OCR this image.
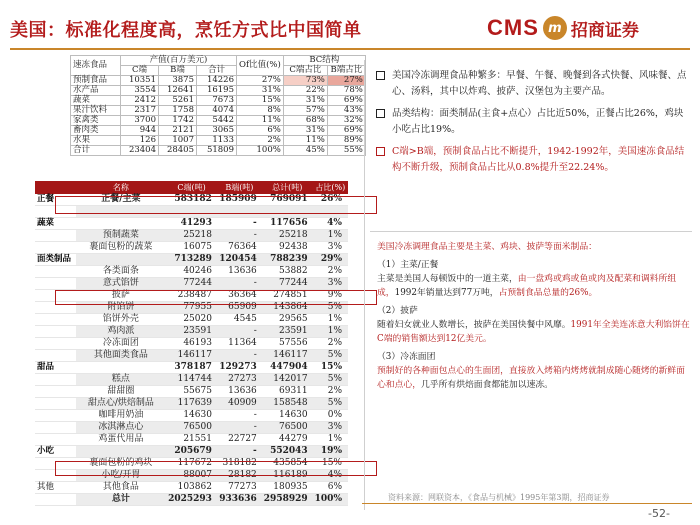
美国：标准化程度高，烹饪方式比中国简单	CMS m 招商证券
速冻食品	产值(百万美元)			Of比值(%)	BC结构	
	C端	B端	合计		C端占比	B端占比
预制食品	10351	3875	14226	27%	73%	27%
水产品	3554	12641	16195	31%	22%	78%
蔬菜	2412	5261	7673	15%	31%	69%
果汁饮料	2317	1758	4074	8%	57%	43%
家禽类	3700	1742	5442	11%	68%	32%
畜肉类	944	2121	3065	6%	31%	69%
水果	126	1007	1133	2%	11%	89%
合计	23404	28405	51809	100%	45%	55%
	名称	C端(吨)	B端(吨)	总计(吨)	占比(%)
正餐	正餐/主菜	583182	185909	769091	26%

蔬菜		41293	-	117656	4%
	预制蔬菜	25218	-	25218	1%
	裹面包粉的蔬菜	16075	76364	92438	3%
面类制品		713289	120454	788239	29%
	各类面条	40246	13636	53882	2%
	意式馅饼	77244	-	77244	3%
	披萨	238487	36364	274851	9%
	附馅饼	77955	65909	143864	5%
	馅饼外壳	25020	4545	29565	1%
	鸡肉派	23591	-	23591	1%
	冷冻面团	46193	11364	57556	2%
	其他面类食品	146117	-	146117	5%
甜品		378187	129273	447904	15%
	糕点	114744	27273	142017	5%
	甜甜圈	55675	13636	69311	2%
	甜点心/烘焙制品	117639	40909	158548	5%
	咖啡用奶油	14630	-	14630	0%
	冰淇淋点心	76500	-	76500	3%
	鸡蛋代用品	21551	22727	44279	1%
小吃		205679	-	552043	19%
	裹面包粉的鸡块	117672	318182	435854	15%
	小吃/开胃	88007	28182	116189	4%
其他	其他食品	103862	77273	180935	6%
	总计	2025293	933636	2958929	100%
美国冷冻调理食品种繁多：早餐、午餐、晚餐到各式快餐、风味餐、点心、汤料，其中以炸鸡、披萨、汉堡包为主要产品。
品类结构：面类制品(主食+点心）占比近50%，正餐占比26%，鸡块小吃占比19%。
C端>B端，预制食品占比不断提升，1942-1992年，美国速冻食品结构不断升级，预制食品占比从0.8%提升至22.24%。
美国冷冻调理食品主要是主菜、鸡块、披萨等面米制品：
（1）主菜/正餐
主菜是美国人每顿饭中的一道主菜，由一盘鸡或鸡或鱼或肉及配菜和调料所组成，1992年销量达到77万吨，占预制食品总量的26%。
（2）披萨
随着妇女就业人数增长，披萨在美国快餐中风靡。1991年全美连冻意大利馅饼在C端的销售额达到12亿美元。
（3）冷冻面团
预制好的各种面包点心的生面团，直接放入烤箱内烤烤就制成随心随烤的新鲜面心和点心，几乎所有烘焙面食都能加以速冻。
资料来源：网联资本，《食品与机械》1995年第3期，招商证券
-52-
